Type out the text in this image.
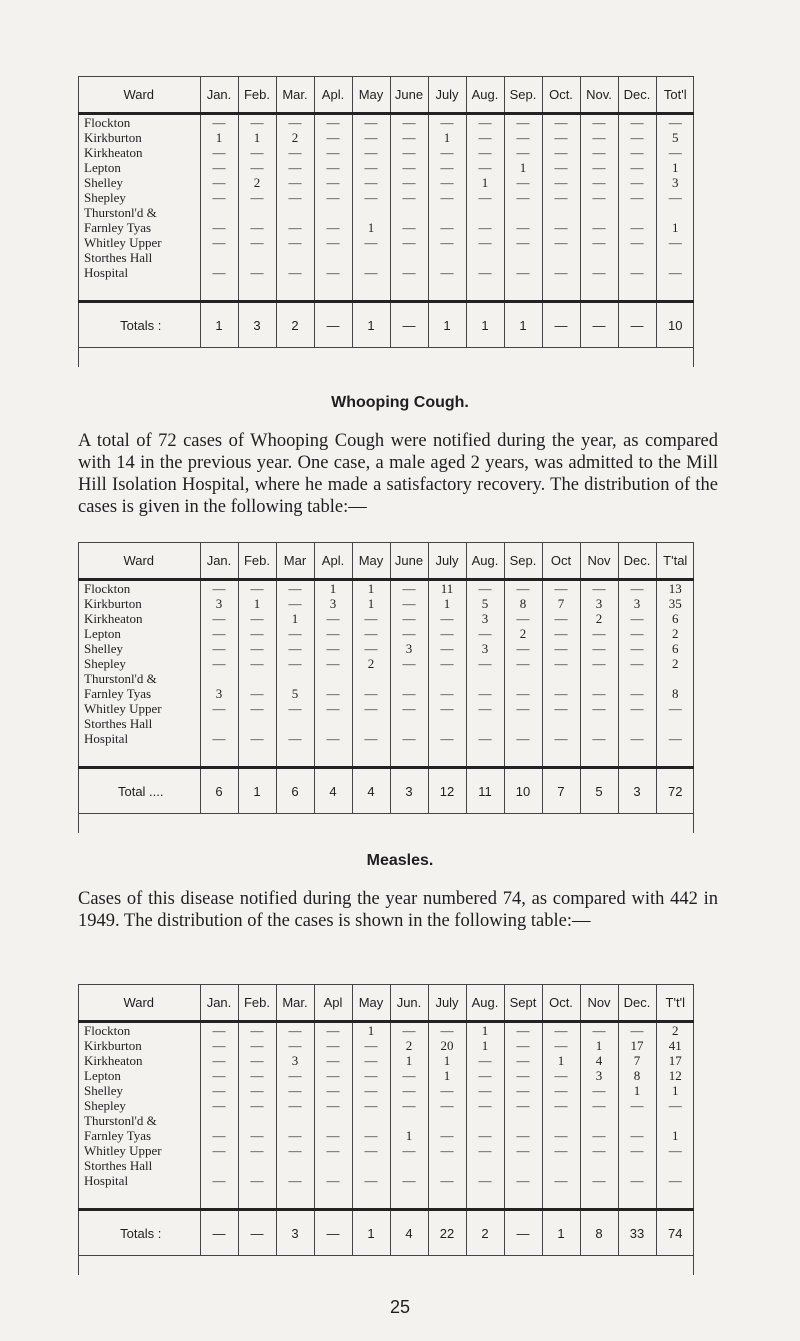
Ward	Jan.	Feb.	Mar.	Apl.	May	June	July	Aug.	Sep.	Oct.	Nov.	Dec.	Tot'l
Flockton	—	—	—	—	—	—	—	—	—	—	—	—	—
Kirkburton	1	1	2	—	—	—	1	—	—	—	—	—	5
Kirkheaton	—	—	—	—	—	—	—	—	—	—	—	—	—
Lepton	—	—	—	—	—	—	—	—	1	—	—	—	1
Shelley	—	2	—	—	—	—	—	1	—	—	—	—	3
Shepley	—	—	—	—	—	—	—	—	—	—	—	—	—
Thurstonl'd &													
Farnley Tyas	—	—	—	—	1	—	—	—	—	—	—	—	1
Whitley Upper	—	—	—	—	—	—	—	—	—	—	—	—	—
Storthes Hall													
Hospital	—	—	—	—	—	—	—	—	—	—	—	—	—

Totals :	1	3	2	—	1	—	1	1	1	—	—	—	10
Whooping Cough.

A total of 72 cases of Whooping Cough were notified during the year, as compared with 14 in the previous year. One case, a male aged 2 years, was admitted to the Mill Hill Isolation Hospital, where he made a satisfactory recovery. The distribution of the cases is given in the following table:—

Ward	Jan.	Feb.	Mar	Apl.	May	June	July	Aug.	Sep.	Oct	Nov	Dec.	T'tal
Flockton	—	—	—	1	1	—	11	—	—	—	—	—	13
Kirkburton	3	1	—	3	1	—	1	5	8	7	3	3	35
Kirkheaton	—	—	1	—	—	—	—	3	—	—	2	—	6
Lepton	—	—	—	—	—	—	—	—	2	—	—	—	2
Shelley	—	—	—	—	—	3	—	3	—	—	—	—	6
Shepley	—	—	—	—	2	—	—	—	—	—	—	—	2
Thurstonl'd &													
Farnley Tyas	3	—	5	—	—	—	—	—	—	—	—	—	8
Whitley Upper	—	—	—	—	—	—	—	—	—	—	—	—	—
Storthes Hall													
Hospital	—	—	—	—	—	—	—	—	—	—	—	—	—

Total ....	6	1	6	4	4	3	12	11	10	7	5	3	72
Measles.

Cases of this disease notified during the year numbered 74, as compared with 442 in 1949. The distribution of the cases is shown in the following table:—

Ward	Jan.	Feb.	Mar.	Apl	May	Jun.	July	Aug.	Sept	Oct.	Nov	Dec.	T't'l
Flockton	—	—	—	—	1	—	—	1	—	—	—	—	2
Kirkburton	—	—	—	—	—	2	20	1	—	—	1	17	41
Kirkheaton	—	—	3	—	—	1	1	—	—	1	4	7	17
Lepton	—	—	—	—	—	—	1	—	—	—	3	8	12
Shelley	—	—	—	—	—	—	—	—	—	—	—	1	1
Shepley	—	—	—	—	—	—	—	—	—	—	—	—	—
Thurstonl'd &													
Farnley Tyas	—	—	—	—	—	1	—	—	—	—	—	—	1
Whitley Upper	—	—	—	—	—	—	—	—	—	—	—	—	—
Storthes Hall													
Hospital	—	—	—	—	—	—	—	—	—	—	—	—	—

Totals :	—	—	3	—	1	4	22	2	—	1	8	33	74
25
